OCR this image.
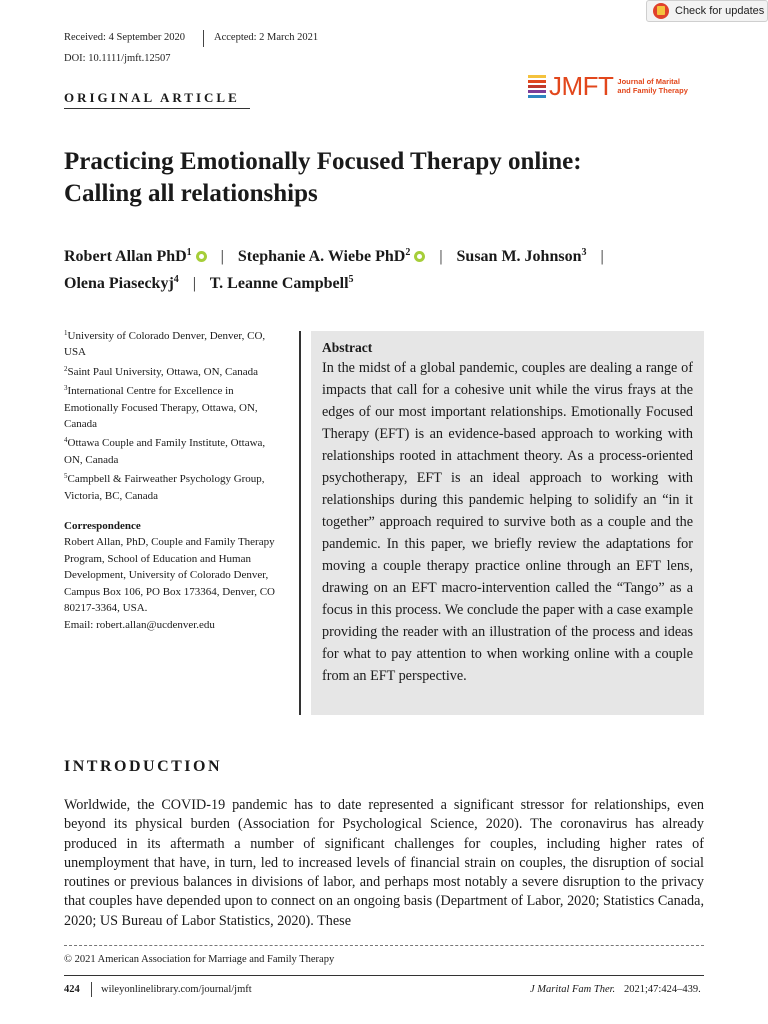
Check for updates
Received: 4 September 2020	Accepted: 2 March 2021
DOI: 10.1111/jmft.12507
ORIGINAL ARTICLE	JMFT Journal of Marital
and Family Therapy
Practicing Emotionally Focused Therapy online:
Calling all relationships
Robert Allan PhD$^1$ | Stephanie A. Wiebe PhD$^2$ | Susan M. Johnson$^3$ |
Olena Piaseckyj$^4$ | T. Leanne Campbell$^5$
$^1$University of Colorado Denver, Denver, CO, USA
$^2$Saint Paul University, Ottawa, ON, Canada
$^3$International Centre for Excellence in Emotionally Focused Therapy, Ottawa, ON, Canada
$^4$Ottawa Couple and Family Institute, Ottawa, ON, Canada
$^5$Campbell & Fairweather Psychology Group, Victoria, BC, Canada
Correspondence
Robert Allan, PhD, Couple and Family Therapy Program, School of Education and Human Development, University of Colorado Denver, Campus Box 106, PO Box 173364, Denver, CO 80217-3364, USA.
Email: robert.allan@ucdenver.edu
Abstract
In the midst of a global pandemic, couples are dealing a range of impacts that call for a cohesive unit while the virus frays at the edges of our most important relationships. Emotionally Focused Therapy (EFT) is an evidence-based approach to working with relationships rooted in attachment theory. As a process-oriented psychotherapy, EFT is an ideal approach to working with relationships during this pandemic helping to solidify an “in it together” approach required to survive both as a couple and the pandemic. In this paper, we briefly review the adaptations for moving a couple therapy practice online through an EFT lens, drawing on an EFT macro-intervention called the “Tango” as a focus in this process. We conclude the paper with a case example providing the reader with an illustration of the process and ideas for what to pay attention to when working online with a couple from an EFT perspective.
INTRODUCTION
Worldwide, the COVID-19 pandemic has to date represented a significant stressor for relationships, even beyond its physical burden (Association for Psychological Science, 2020). The coronavirus has already produced in its aftermath a number of significant challenges for couples, including higher rates of unemployment that have, in turn, led to increased levels of financial strain on couples, the disruption of social routines or previous balances in divisions of labor, and perhaps most notably a severe disruption to the privacy that couples have depended upon to connect on an ongoing basis (Department of Labor, 2020; Statistics Canada, 2020; US Bureau of Labor Statistics, 2020). These
© 2021 American Association for Marriage and Family Therapy
424 wileyonlinelibrary.com/journal/jmft	J Marital Fam Ther. 2021;47:424–439.
